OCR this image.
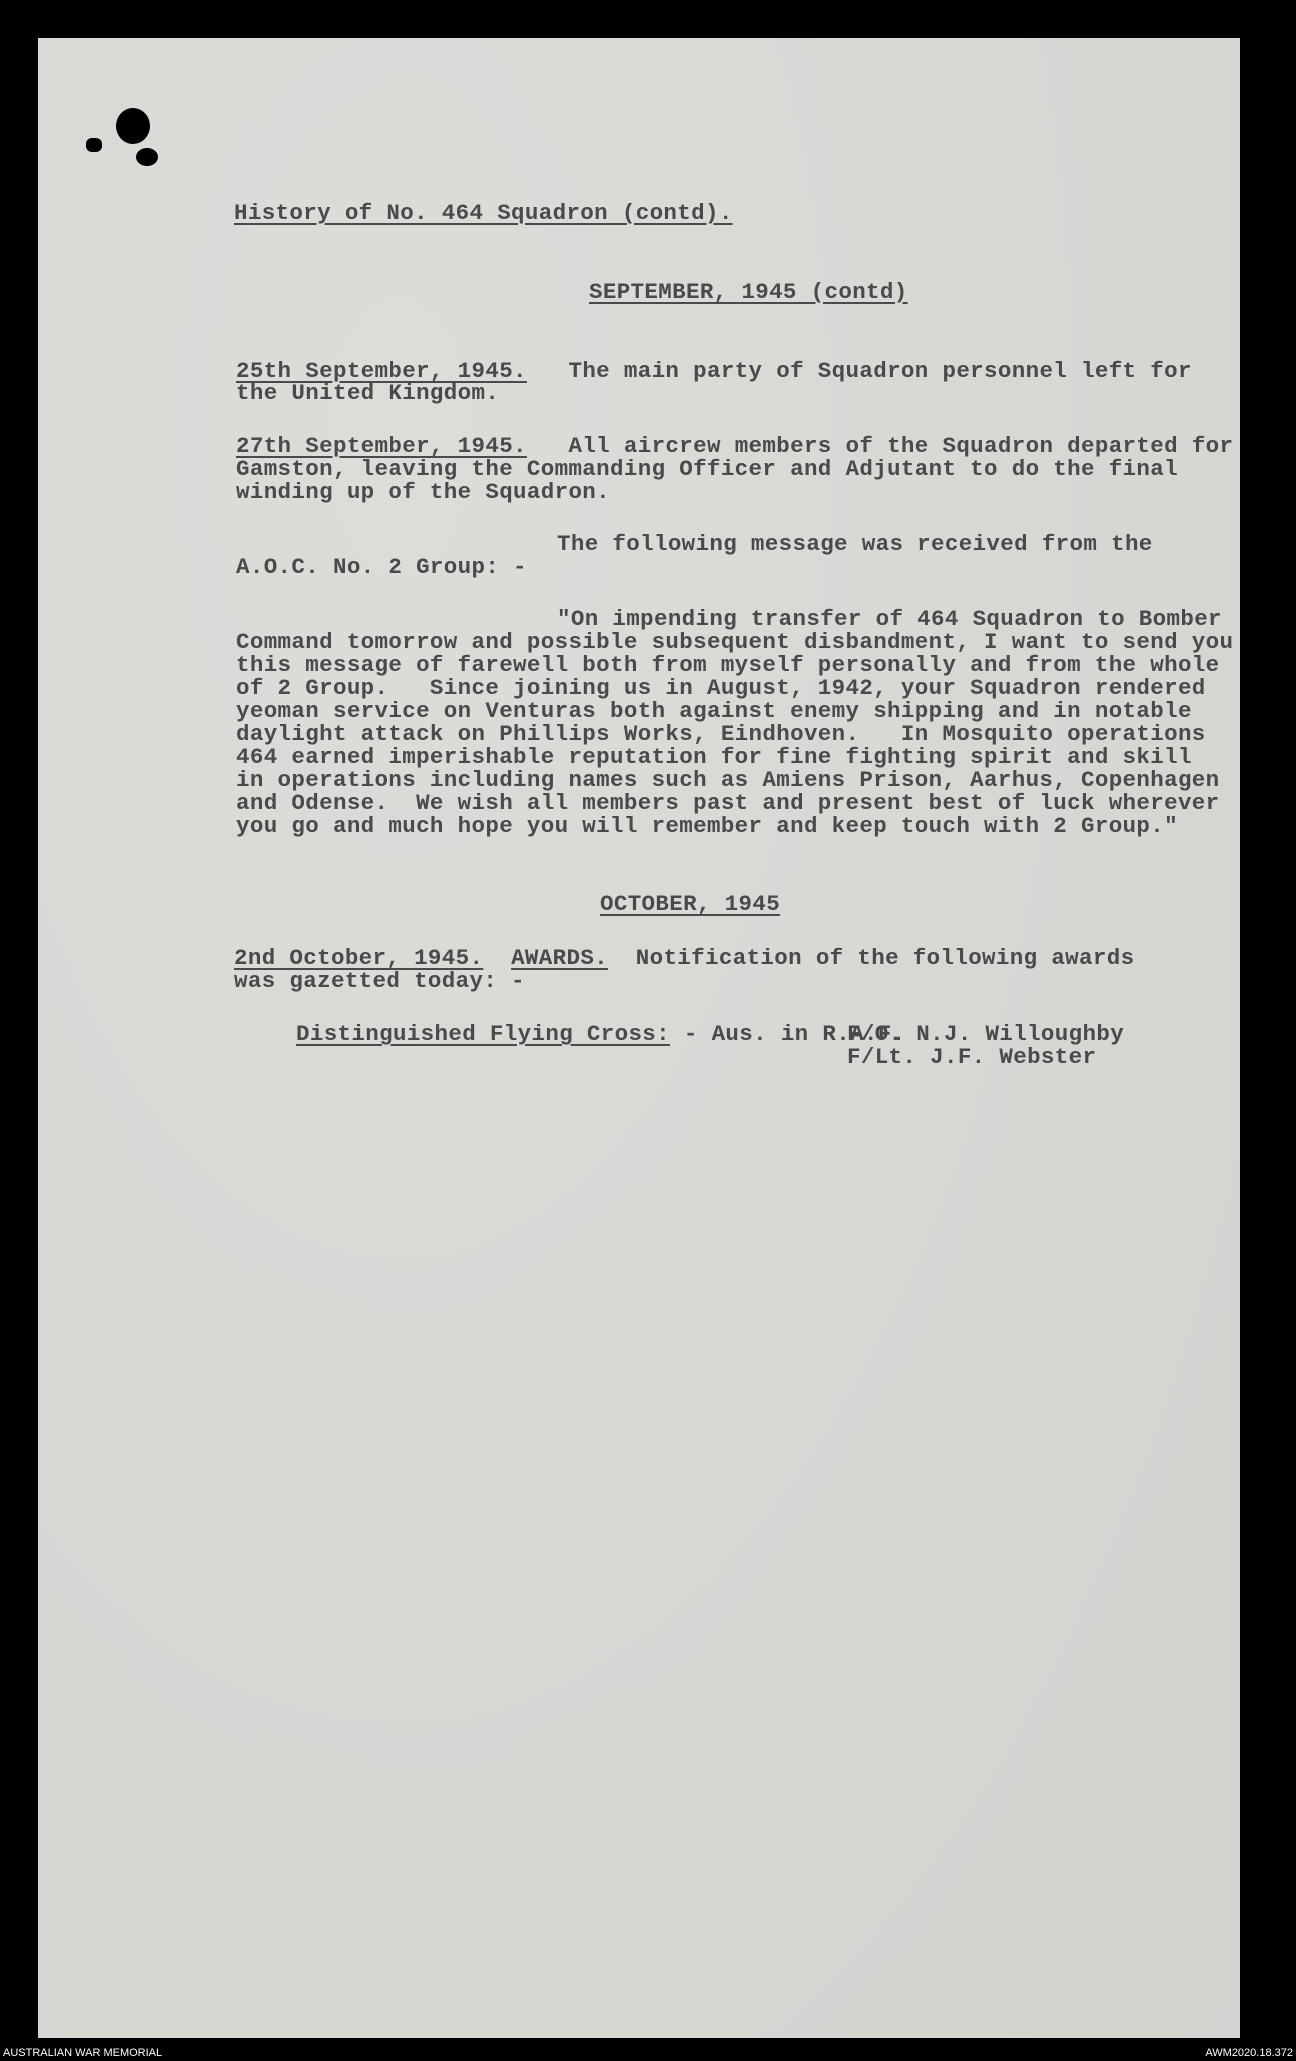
History of No. 464 Squadron (contd).
SEPTEMBER, 1945 (contd)
25th September, 1945. The main party of Squadron personnel left for
the United Kingdom.
27th September, 1945. All aircrew members of the Squadron departed for
Gamston, leaving the Commanding Officer and Adjutant to do the final
winding up of the Squadron.
The following message was received from the
A.O.C. No. 2 Group: -
"On impending transfer of 464 Squadron to Bomber
Command tomorrow and possible subsequent disbandment, I want to send you
this message of farewell both from myself personally and from the whole
of 2 Group.   Since joining us in August, 1942, your Squadron rendered
yeoman service on Venturas both against enemy shipping and in notable
daylight attack on Phillips Works, Eindhoven.   In Mosquito operations
464 earned imperishable reputation for fine fighting spirit and skill
in operations including names such as Amiens Prison, Aarhus, Copenhagen
and Odense.  We wish all members past and present best of luck wherever
you go and much hope you will remember and keep touch with 2 Group."
OCTOBER, 1945
2nd October, 1945. AWARDS. Notification of the following awards
was gazetted today: -
Distinguished Flying Cross: - Aus. in R.A.F.
F/O. N.J. Willoughby
F/Lt. J.F. Webster
AUSTRALIAN WAR MEMORIAL	AWM2020.18.372
